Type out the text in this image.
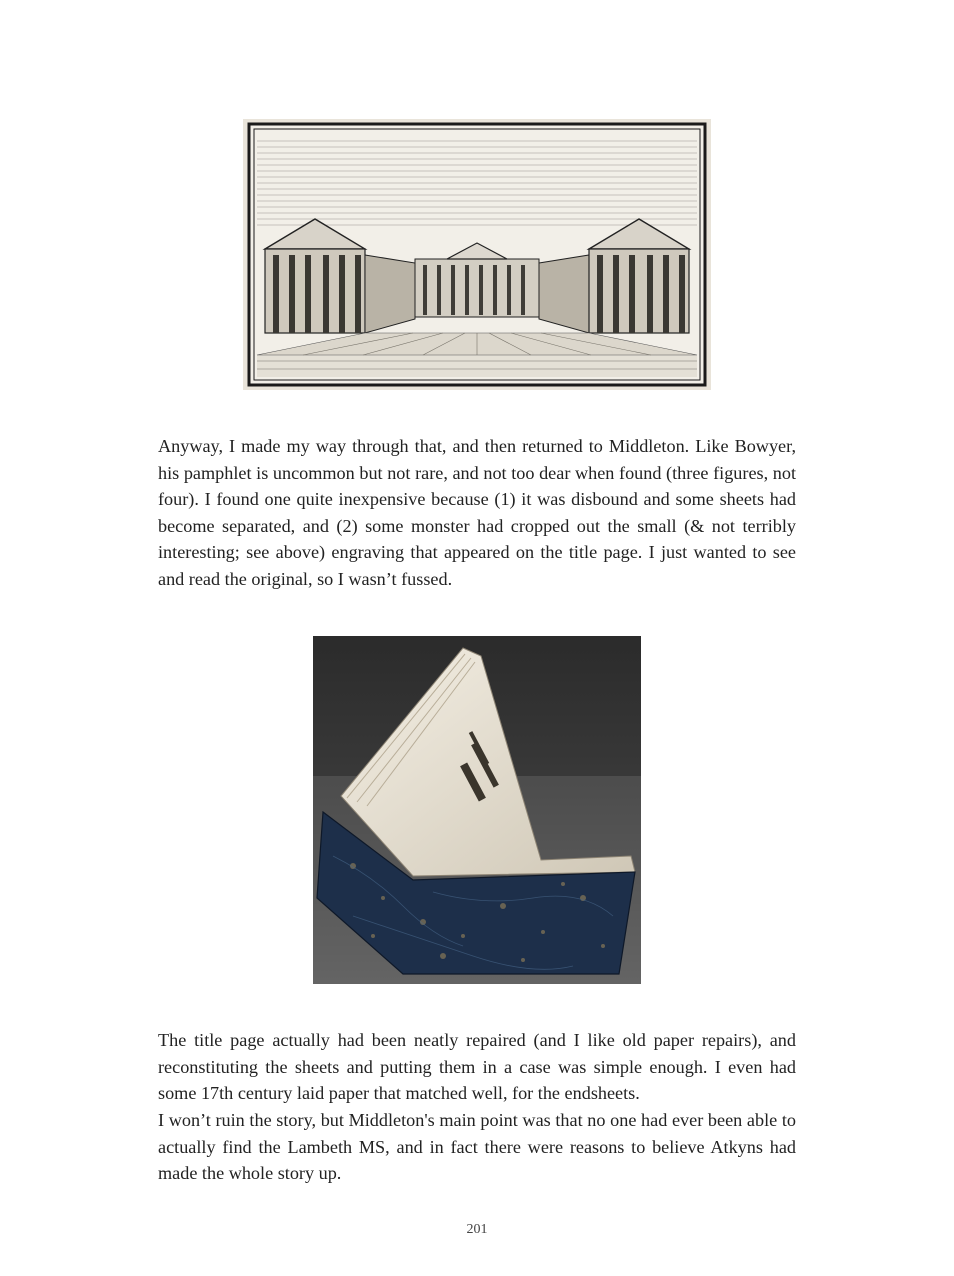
Anyway, I made my way through that, and then returned to Middleton. Like Bowyer, his pamphlet is uncommon but not rare, and not too dear when found (three figures, not four). I found one quite inexpensive because (1) it was disbound and some sheets had become separated, and (2) some monster had cropped out the small (& not terribly interesting; see above) engraving that appeared on the title page. I just wanted to see and read the original, so I wasn’t fussed.

The title page actually had been neatly repaired (and I like old paper repairs), and reconstituting the sheets and putting them in a case was simple enough. I even had some 17th century laid paper that matched well, for the endsheets.

I won’t ruin the story, but Middleton's main point was that no one had ever been able to actually find the Lambeth MS, and in fact there were reasons to believe Atkyns had made the whole story up.

201
